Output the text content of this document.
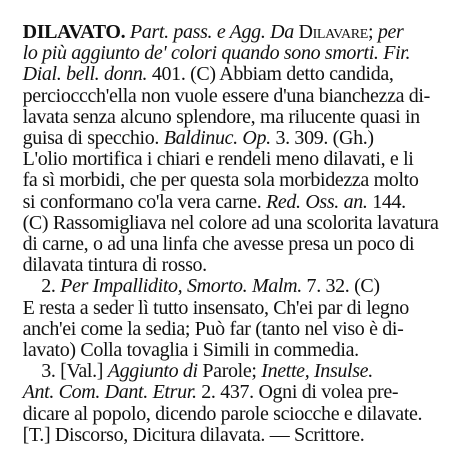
DILAVATO. Part. pass. e Agg. Da Dilavare; per

lo più aggiunto de' colori quando sono smorti. Fir.

Dial. bell. donn. 401. (C) Abbiam detto candida,

percioccch'ella non vuole essere d'una bianchezza di-

lavata senza alcuno splendore, ma rilucente quasi in

guisa di specchio. Baldinuc. Op. 3. 309. (Gh.)

L'olio mortifica i chiari e rendeli meno dilavati, e li

fa sì morbidi, che per questa sola morbidezza molto

si conformano co'la vera carne. Red. Oss. an. 144.

(C) Rassomigliava nel colore ad una scolorita lavatura

di carne, o ad una linfa che avesse presa un poco di

dilavata tintura di rosso.

2. Per Impallidito, Smorto. Malm. 7. 32. (C)

E resta a seder lì tutto insensato, Ch'ei par di legno

anch'ei come la sedia; Può far (tanto nel viso è di-

lavato) Colla tovaglia i Simili in commedia.

3. [Val.] Aggiunto di Parole; Inette, Insulse.

Ant. Com. Dant. Etrur. 2. 437. Ogni di volea pre-

dicare al popolo, dicendo parole sciocche e dilavate.

[T.] Discorso, Dicitura dilavata. — Scrittore.
